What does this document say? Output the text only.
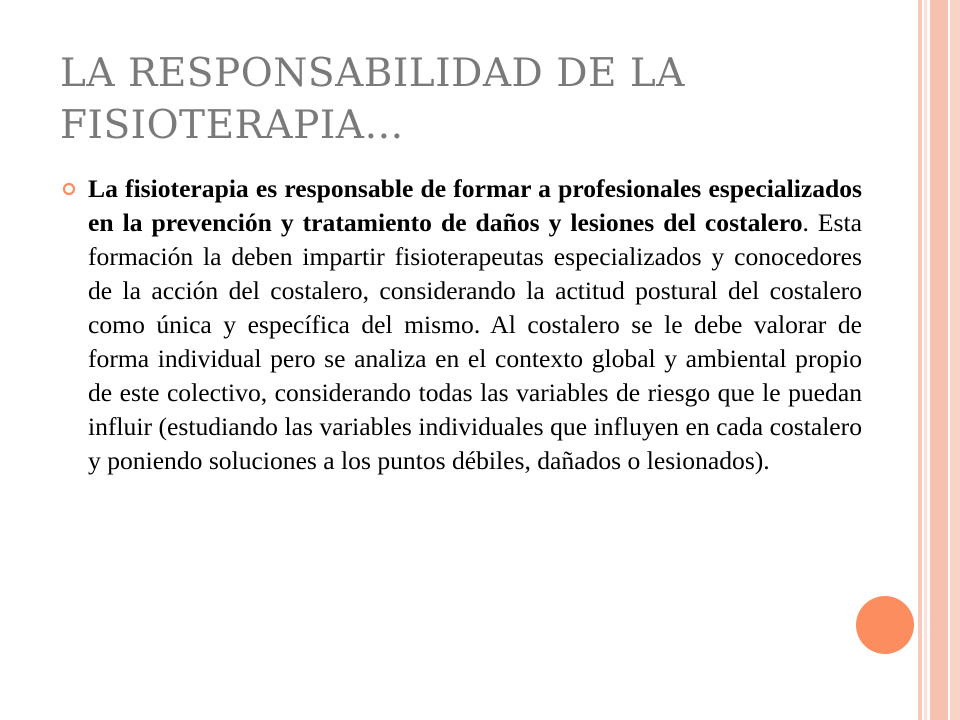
LA RESPONSABILIDAD DE LA FISIOTERAPIA…

La fisioterapia es responsable de formar a profesionales especializados en la prevención y tratamiento de daños y lesiones del costalero. Esta formación la deben impartir fisioterapeutas especializados y conocedores de la acción del costalero, considerando la actitud postural del costalero como única y específica del mismo. Al costalero se le debe valorar de forma individual pero se analiza en el contexto global y ambiental propio de este colectivo, considerando todas las variables de riesgo que le puedan influir (estudiando las variables individuales que influyen en cada costalero y poniendo soluciones a los puntos débiles, dañados o lesionados).
